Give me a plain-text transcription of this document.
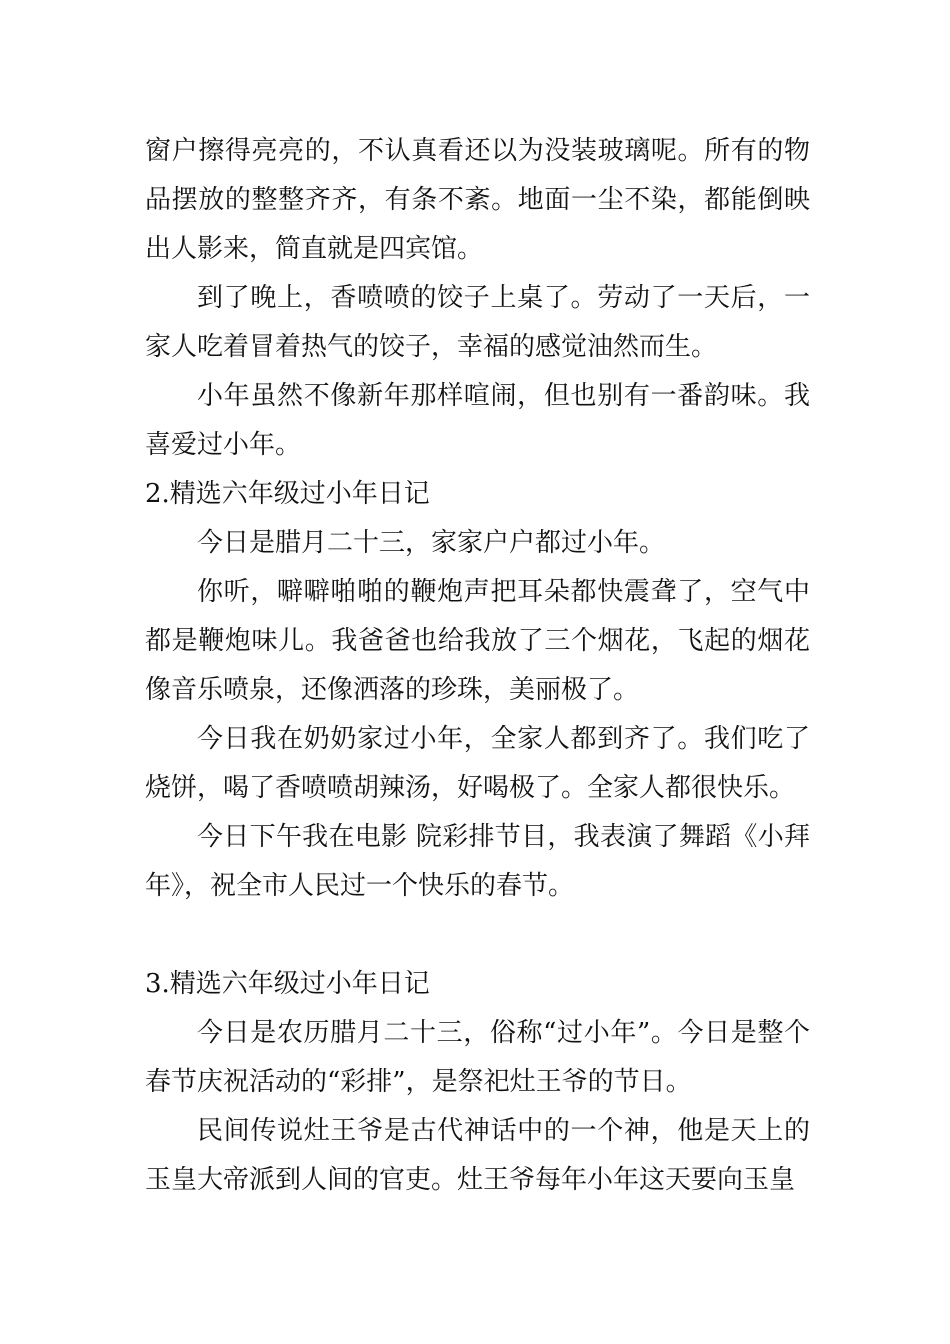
窗户擦得亮亮的，不认真看还以为没装玻璃呢。所有的物品摆放的整整齐齐，有条不紊。地面一尘不染，都能倒映出人影来，简直就是四宾馆。

到了晚上，香喷喷的饺子上桌了。劳动了一天后，一家人吃着冒着热气的饺子，幸福的感觉油然而生。

小年虽然不像新年那样喧闹，但也别有一番韵味。我喜爱过小年。

2.精选六年级过小年日记

今日是腊月二十三，家家户户都过小年。

你听，噼噼啪啪的鞭炮声把耳朵都快震聋了，空气中都是鞭炮味儿。我爸爸也给我放了三个烟花，飞起的烟花像音乐喷泉，还像洒落的珍珠，美丽极了。

今日我在奶奶家过小年，全家人都到齐了。我们吃了烧饼，喝了香喷喷胡辣汤，好喝极了。全家人都很快乐。

今日下午我在电影 院彩排节目，我表演了舞蹈《小拜年》，祝全市人民过一个快乐的春节。

3.精选六年级过小年日记

今日是农历腊月二十三，俗称“过小年”。今日是整个春节庆祝活动的“彩排”，是祭祀灶王爷的节日。

民间传说灶王爷是古代神话中的一个神，他是天上的玉皇大帝派到人间的官吏。灶王爷每年小年这天要向玉皇
